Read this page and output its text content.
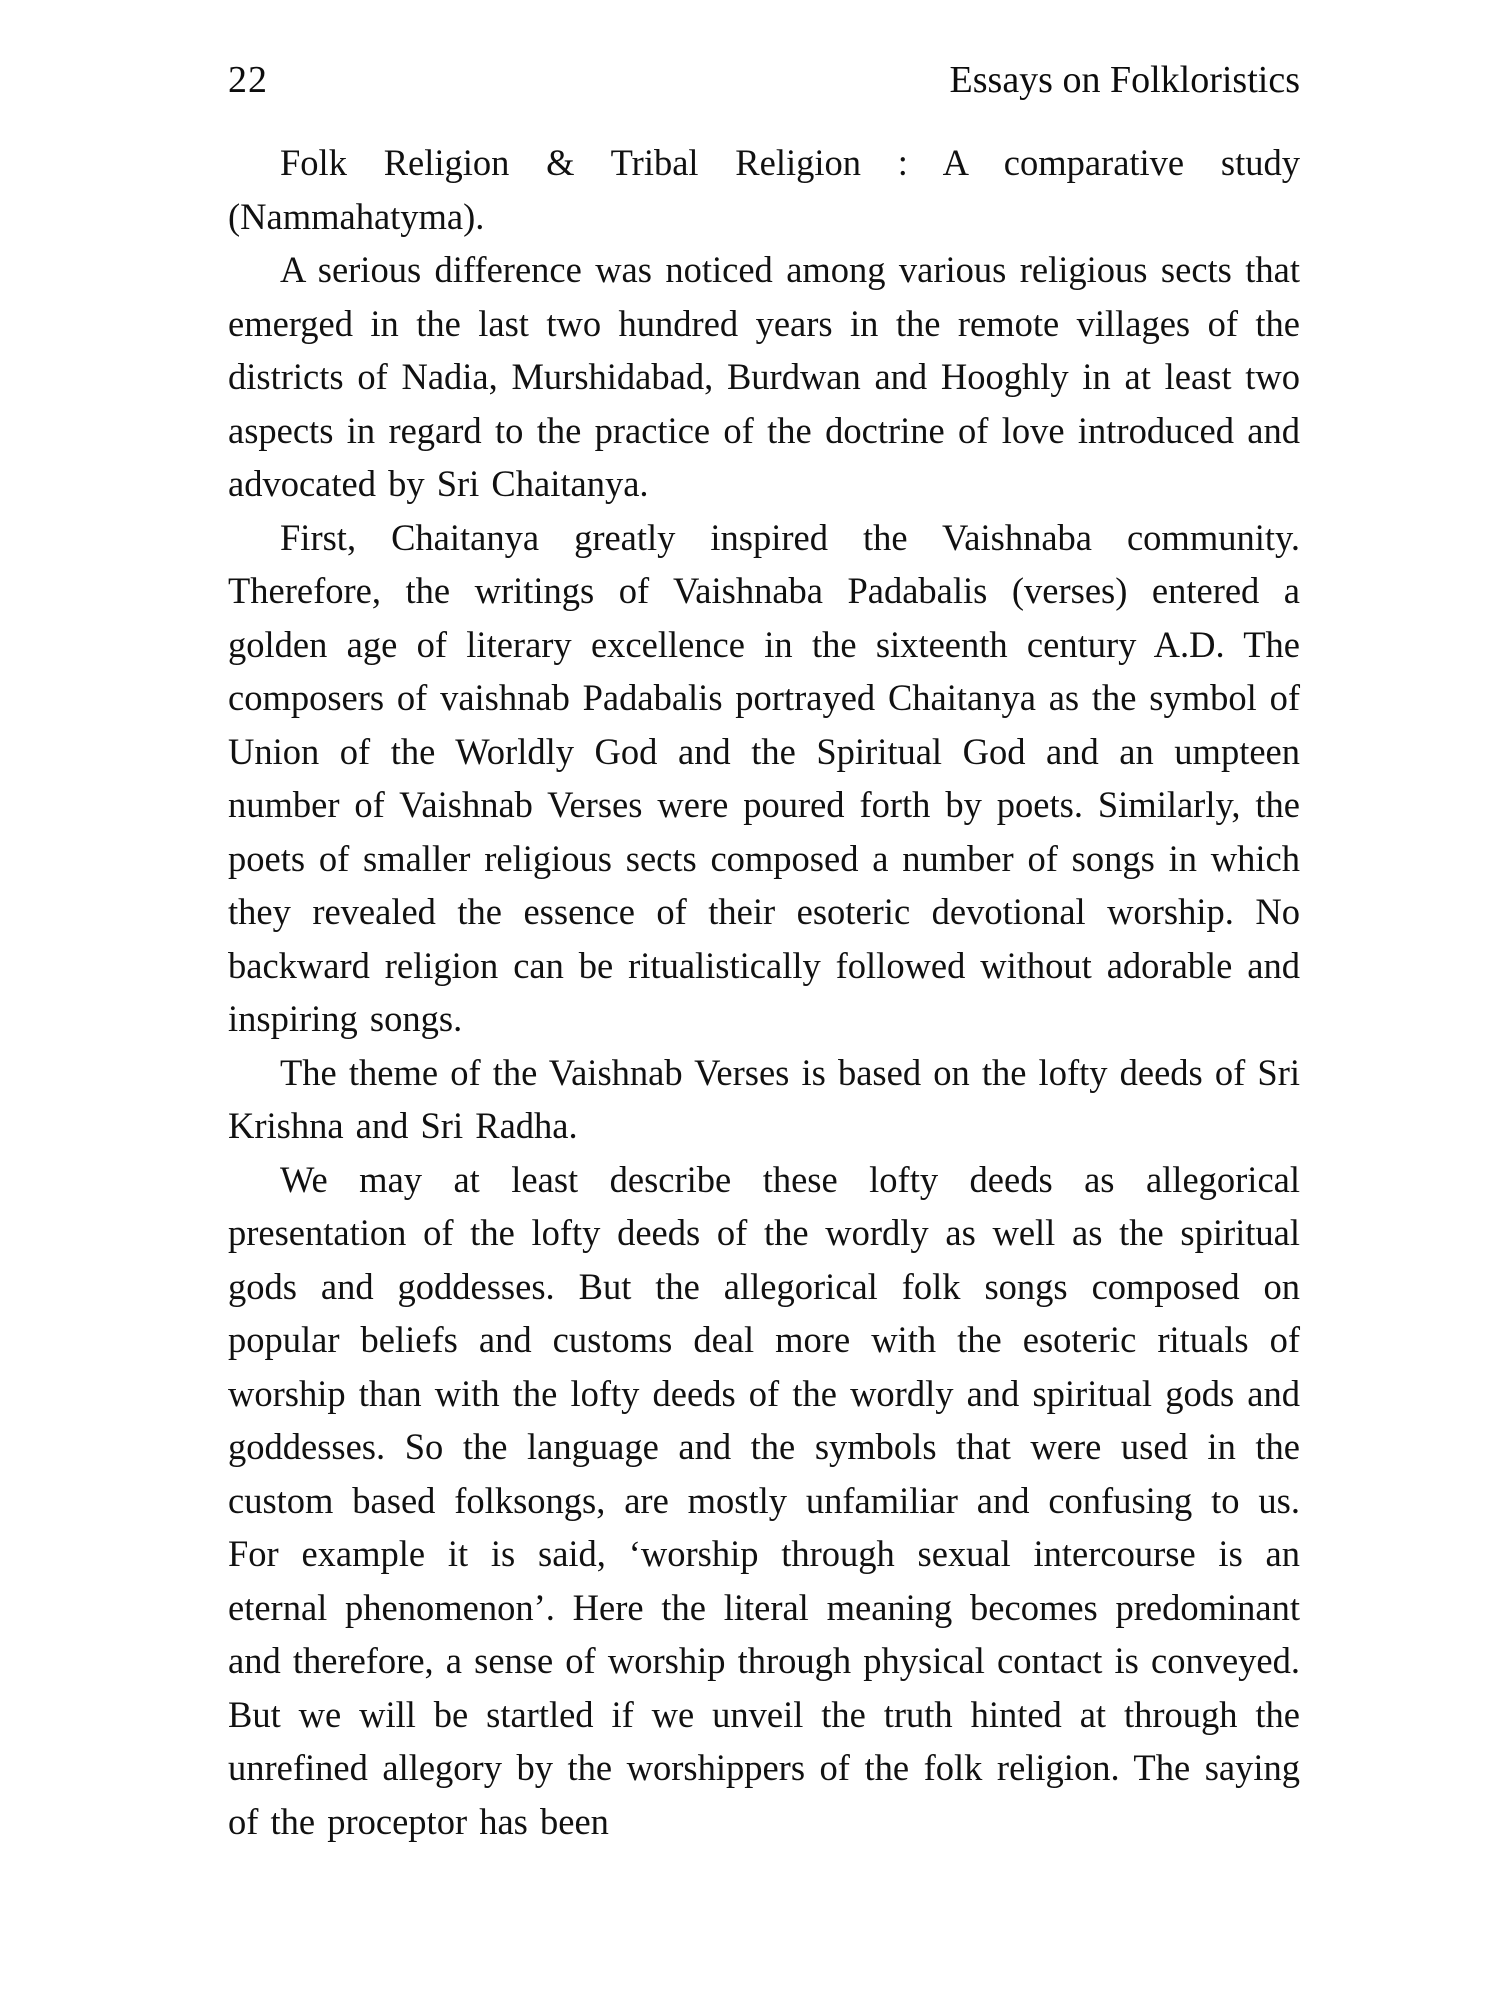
22	Essays on Folkloristics

Folk Religion & Tribal Religion : A comparative study (Nammahatyma).

A serious difference was noticed among various religious sects that emerged in the last two hundred years in the remote villages of the districts of Nadia, Murshidabad, Burdwan and Hooghly in at least two aspects in regard to the practice of the doctrine of love introduced and advocated by Sri Chaitanya.

First, Chaitanya greatly inspired the Vaishnaba community. Therefore, the writings of Vaishnaba Padabalis (verses) entered a golden age of literary excellence in the sixteenth century A.D. The composers of vaishnab Padabalis portrayed Chaitanya as the symbol of Union of the Worldly God and the Spiritual God and an umpteen number of Vaishnab Verses were poured forth by poets. Similarly, the poets of smaller religious sects composed a number of songs in which they revealed the essence of their esoteric devotional worship. No backward religion can be ritualistically followed without adorable and inspiring songs.

The theme of the Vaishnab Verses is based on the lofty deeds of Sri Krishna and Sri Radha.

We may at least describe these lofty deeds as allegorical presentation of the lofty deeds of the wordly as well as the spiritual gods and goddesses. But the allegorical folk songs composed on popular beliefs and customs deal more with the esoteric rituals of worship than with the lofty deeds of the wordly and spiritual gods and goddesses. So the language and the symbols that were used in the custom based folksongs, are mostly unfamiliar and confusing to us. For example it is said, ‘worship through sexual intercourse is an eternal phenomenon’. Here the literal meaning becomes predominant and therefore, a sense of worship through physical contact is conveyed. But we will be startled if we unveil the truth hinted at through the unrefined allegory by the worshippers of the folk religion. The saying of the proceptor has been
